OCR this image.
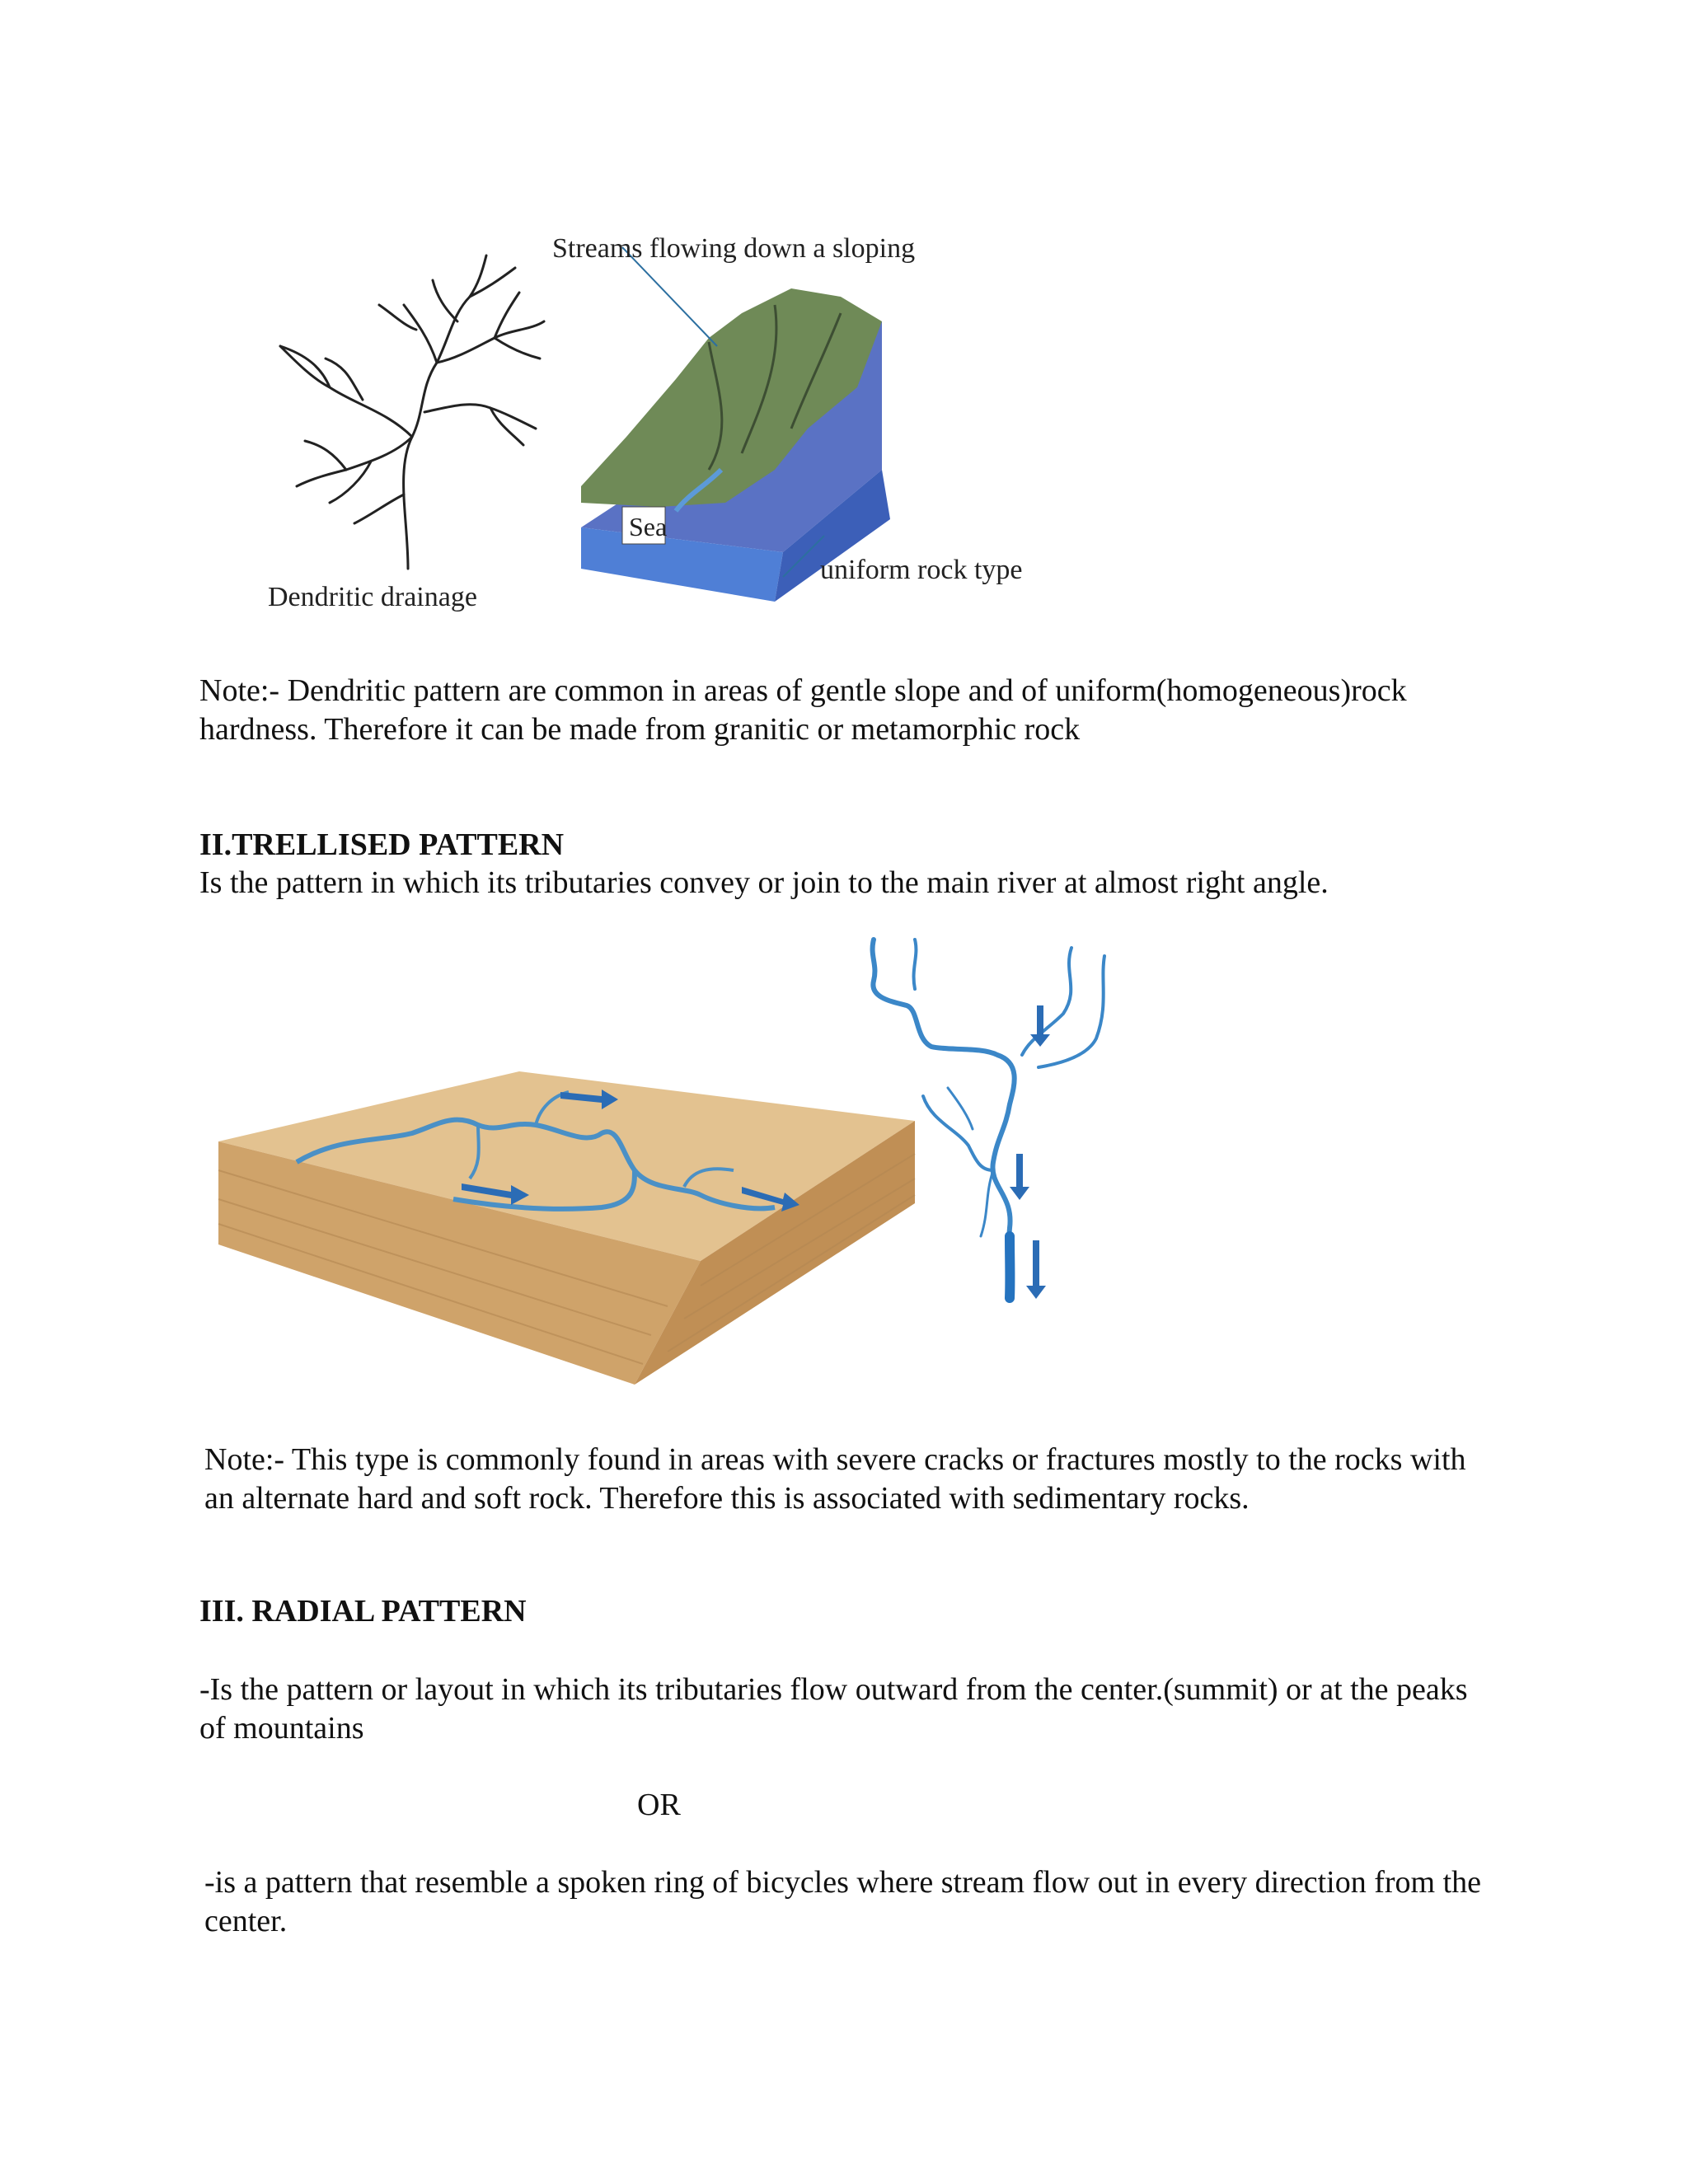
Streams flowing down a sloping
Sea
uniform rock type
Dendritic drainage

Note:- Dendritic pattern are common in areas of gentle slope and of uniform(homogeneous)rock hardness. Therefore it can be made from granitic or metamorphic rock

II.TRELLISED PATTERN

Is the pattern in which its tributaries convey or join to the main river at almost right angle.

Note:- This type is commonly found in areas with severe cracks or fractures mostly to the rocks with an alternate hard and soft rock. Therefore this is associated with sedimentary rocks.

III. RADIAL PATTERN

-Is the pattern or layout in which its tributaries flow outward from the center.(summit) or at the peaks of mountains

OR

-is a pattern that resemble a spoken ring of bicycles where stream flow out in every direction from the center.
